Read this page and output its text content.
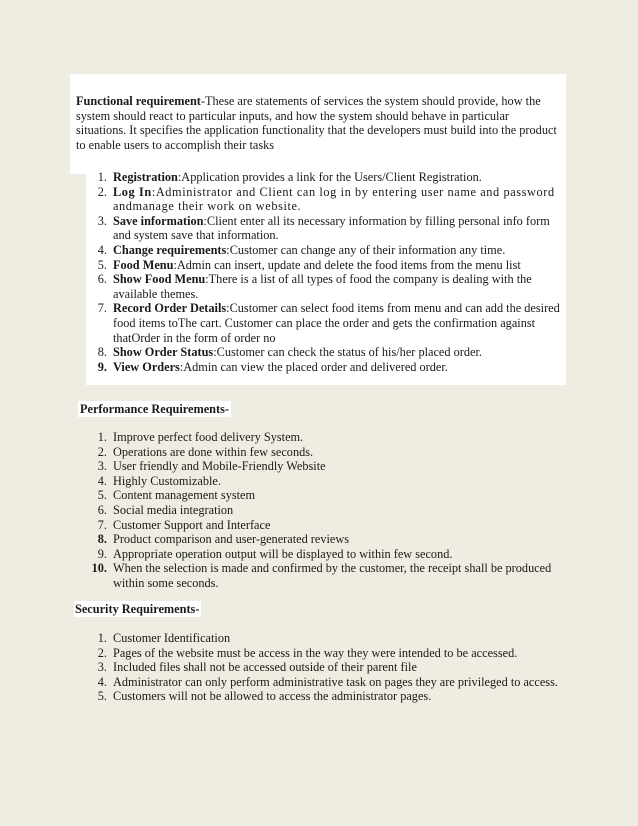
Functional requirement-These are statements of services the system should provide, how the system should react to particular inputs, and how the system should behave in particular situations. It specifies the application functionality that the developers must build into the product to enable users to accomplish their tasks

1. Registration:Application provides a link for the Users/Client Registration.
2. Log In:Administrator and Client can log in by entering user name and password andmanage their work on website.
3. Save information:Client enter all its necessary information by filling personal info form and system save that information.
4. Change requirements:Customer can change any of their information any time.
5. Food Menu:Admin can insert, update and delete the food items from the menu list
6. Show Food Menu:There is a list of all types of food the company is dealing with the available themes.
7. Record Order Details:Customer can select food items from menu and can add the desired food items toThe cart. Customer can place the order and gets the confirmation against thatOrder in the form of order no
8. Show Order Status:Customer can check the status of his/her placed order.
9. View Orders:Admin can view the placed order and delivered order.

Performance Requirements-

1. Improve perfect food delivery System.
2. Operations are done within few seconds.
3. User friendly and Mobile-Friendly Website
4. Highly Customizable.
5. Content management system
6. Social media integration
7. Customer Support and Interface
8. Product comparison and user-generated reviews
9. Appropriate operation output will be displayed to within few second.
10. When the selection is made and confirmed by the customer, the receipt shall be produced within some seconds.

Security Requirements-

1. Customer Identification
2. Pages of the website must be access in the way they were intended to be accessed.
3. Included files shall not be accessed outside of their parent file
4. Administrator can only perform administrative task on pages they are privileged to access.
5. Customers will not be allowed to access the administrator pages.
